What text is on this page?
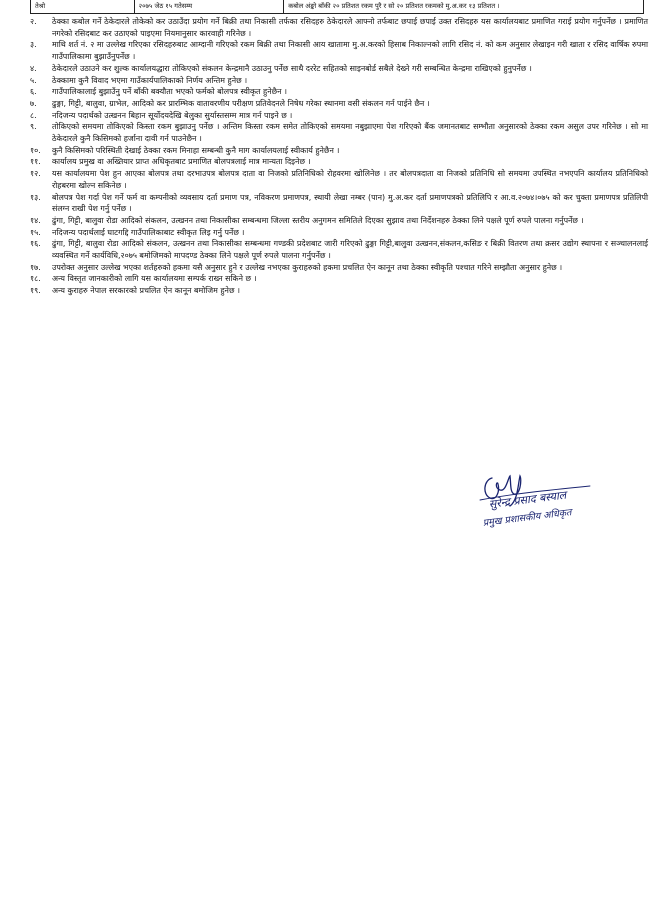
तेश्रो	२०७५ जेठ १५ गतेसम्म	कबोल अंङ्को बाँकी २० प्रतिशत रकम पुरै र सो २० प्रतिशत रकमको मु.अ.कर १३ प्रतिशत ।

२.	ठेक्का कबोल गर्ने ठेकेदारले तोकेको कर उठाउँदा प्रयोग गर्ने बिक्री तथा निकासी तर्फका रसिदहरु ठेकेदारले आफ्नो तर्फबाट छपाई छपाई उक्त रसिदहरु यस कार्यालयबाट प्रमाणित गराई प्रयोग गर्नुपर्नेछ । प्रमाणित नगरेको रसिदबाट कर उठाएको पाइएमा नियमानुसार कारवाही गरिनेछ ।

३.	माथि शर्त नं. २ मा उल्लेख गरिएका रसिदहरुबाट आम्दानी गरिएको रकम बिक्री तथा निकासी आय खातामा मु.अ.करको हिसाब निकाल्नको लागि रसिद नं. को कम अनुसार लेखाइन गरी खाता र रसिद वार्षिक रुपमा गाउँपालिकामा बुझाउँनुपर्नेछ ।

४.	ठेकेदारले उठाउने कर शुल्क कार्यालयद्धारा तोकिएको संकलन केन्द्रमानै उठाउनु पर्नेछ साथै दररेट सहितको साइनबोर्ड सबैले देख्ने गरी सम्बन्धित केन्द्रमा राखिएको हुनुपर्नेछ ।

५.	ठेक्कामा कुनै विवाद भएमा गाउँकार्यपालिकाको निर्णय अन्तिम हुनेछ ।

६.	गाउँपालिकालाई बुझाउँनु पर्ने बाँकी बक्यौता भएको फर्मको बोलपत्र स्वीकृत हुनेछैन ।

७.	ढुङ्गा, गिट्टी, बालुवा, ग्राभेल, आदिको कर प्रारम्भिक वातावरणीय परीक्षण प्रतिवेदनले निषेध गरेका स्थानमा वसी संकलन गर्न पाईने छैन ।

८.	नदिजन्य पदार्थको उत्खनन बिहान सूर्योदयदेखि बेलुका सुर्यास्तसम्म मात्र गर्न पाइने छ ।

९.	तोकिएको समयमा तोकिएको किस्ता रकम बुझाउनु पर्नेछ । अन्तिम किस्ता रकम समेत तोकिएको समयमा नबुझाएमा पेश गरिएको बैंक जमानतबाट सम्भौता अनुसारको ठेक्का रकम असुल उपर गरिनेछ । सो मा ठेकेदारले कुनै किसिमको हर्जाना दावी गर्न पाउनेछैन ।

१०.	कुनै किसिमको परिस्थिती देखाई ठेक्का रकम मिनाहा सम्बन्धी कुनै माग कार्यालयलाई स्वीकार्य हुनेछैन ।

११.	कार्यालय प्रमुख वा अख्तियार प्राप्त अधिकृतबाट प्रमाणित बोलपत्रलाई मात्र मान्यता दिइनेछ ।

१२.	यस कार्यालयमा पेश हुन आएका बोलपत्र तथा दरभाउपत्र बोलपत्र दाता वा निजको प्रतिनिधिको रोहवरमा खोलिनेछ । तर बोलपत्रदाता वा निजको प्रतिनिधि सो समयमा उपस्थित नभएपनि कार्यालय प्रतिनिधिको रोहबरमा खोल्न सकिनेछ ।

१३.	बोलपत्र पेश गर्दा पेश गर्ने फर्म वा कम्पनीको व्यवसाय दर्ता प्रमाण पत्र, नविकरण प्रमाणपत्र, स्थायी लेखा नम्बर (पान) मु.अ.कर दर्ता प्रमाणपत्रको प्रतिलिपि र आ.व.२०७४।०७५ को कर चुक्ता प्रमाणपत्र प्रतिलिपी संलग्न राखी पेश गर्नु पर्नेछ ।

१४.	ढुंगा, गिट्टी, बालुवा रोडा आदिको संकलन, उत्खनन तथा निकासीका सम्बन्धमा जिल्ला स्तरीय अनुगमन समितिले दिएका सुझाव तथा निर्देशनहरु ठेक्का लिने पक्षले पूर्ण रुपले पालना गर्नुपर्नेछ ।

१५.	नदिजन्य पदार्थलाई घाटगद्दि गाउँपालिकाबाट स्वीकृत लिइ गर्नु पर्नेछ ।

१६.	ढुंगा, गिट्टी, बालुवा रोडा आदिको संकलन, उत्खनन तथा निकासीका सम्बन्धमा गण्डकी प्रदेशबाट जारी गरिएको ढुङ्गा गिट्टी,बालुवा उत्खनन,संकलन,कसिङ र बिक्री वितरण तथा क्रसर उद्योग स्थापना र सञ्चालनलाई व्यवस्थित गर्ने कार्यविधि,२०७५ बमोजिमको मापदण्ड ठेक्का लिने पक्षले पूर्ण रुपले पालना गर्नुपर्नेछ ।

१७.	उपरोक्त अनुसार उल्लेख भएका शर्तहरुको हकमा यसै अनुसार हुने र उल्लेख नभएका कुराहरुको हकमा प्रचलित ऐन कानून तथा ठेक्का स्वीकृति पश्चात गरिने सम्झौता अनुसार हुनेछ ।

१८.	अन्य विस्तृत जानकारीको लागि यस कार्यालयमा सम्पर्क राख्न सकिने छ ।

१९.	अन्य कुराहरु नेपाल सरकारको प्रचलित ऐन कानून बमोजिम हुनेछ ।

सुरेन्द्र प्रसाद बस्याल
प्रमुख प्रशासकीय अधिकृत
